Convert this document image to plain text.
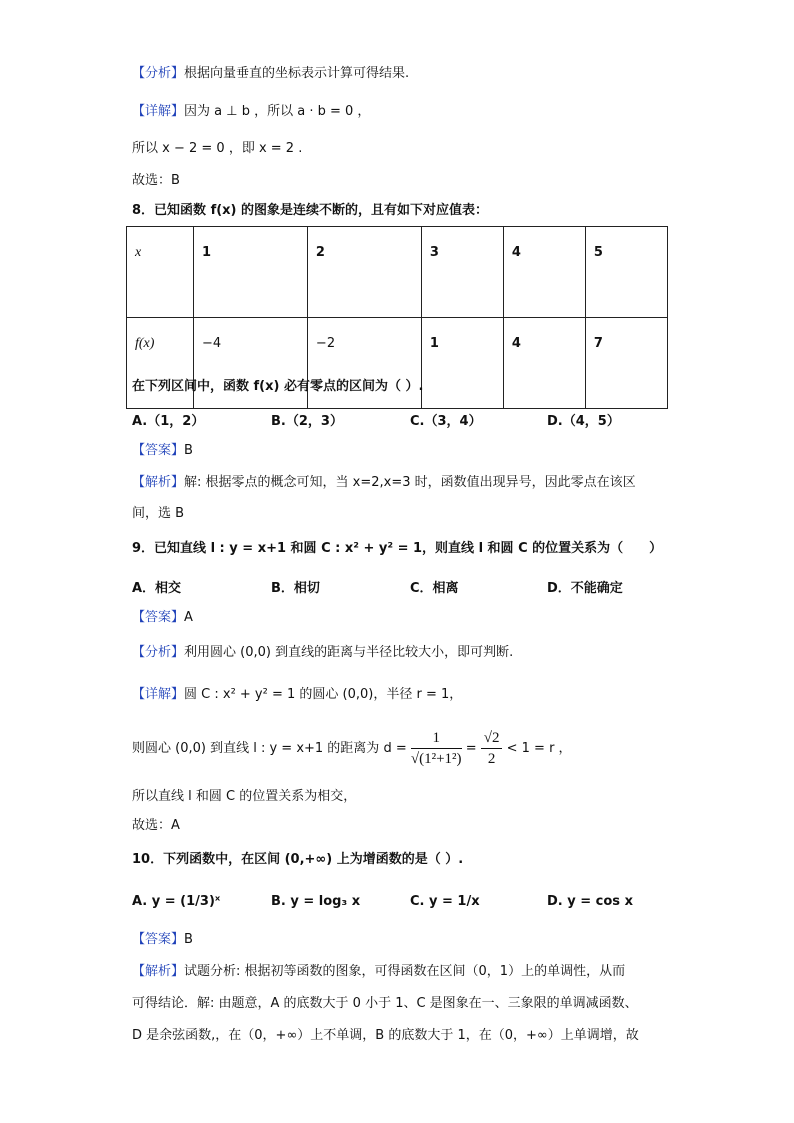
【分析】根据向量垂直的坐标表示计算可得结果.
【详解】因为 a ⊥ b ，所以 a · b = 0 ，
所以 x − 2 = 0 ，即 x = 2 .
故选：B
8．已知函数 f(x) 的图象是连续不断的，且有如下对应值表：
x	1	2	3	4	5
f(x)	−4	−2	1	4	7
在下列区间中，函数 f(x) 必有零点的区间为（ ）.
A.（1，2）	B.（2，3）	C.（3，4）	D.（4，5）
【答案】B
【解析】解: 根据零点的概念可知，当 x=2,x=3 时，函数值出现异号，因此零点在该区
间，选 B
9．已知直线 l : y = x+1 和圆 C : x² + y² = 1，则直线 l 和圆 C 的位置关系为（　　）
A．相交	B．相切	C．相离	D．不能确定
【答案】A
【分析】利用圆心 (0,0) 到直线的距离与半径比较大小，即可判断.
【详解】圆 C : x² + y² = 1 的圆心 (0,0)，半径 r = 1，
则圆心 (0,0) 到直线 l : y = x+1 的距离为 $d = \frac{1}{\text{√(1²+1²)}} = \frac{√2}{2} < 1 = r$ ，
所以直线 l 和圆 C 的位置关系为相交，
故选：A
10．下列函数中，在区间 (0,+∞) 上为增函数的是（ ）.
A. y = (1/3)ˣ	B. y = log₃ x	C. y = 1/x	D. y = cos x
【答案】B
【解析】试题分析: 根据初等函数的图象，可得函数在区间（0，1）上的单调性，从而
可得结论．解: 由题意，A 的底数大于 0 小于 1、C 是图象在一、三象限的单调减函数、
D 是余弦函数,，在（0，+∞）上不单调，B 的底数大于 1，在（0，+∞）上单调增，故
